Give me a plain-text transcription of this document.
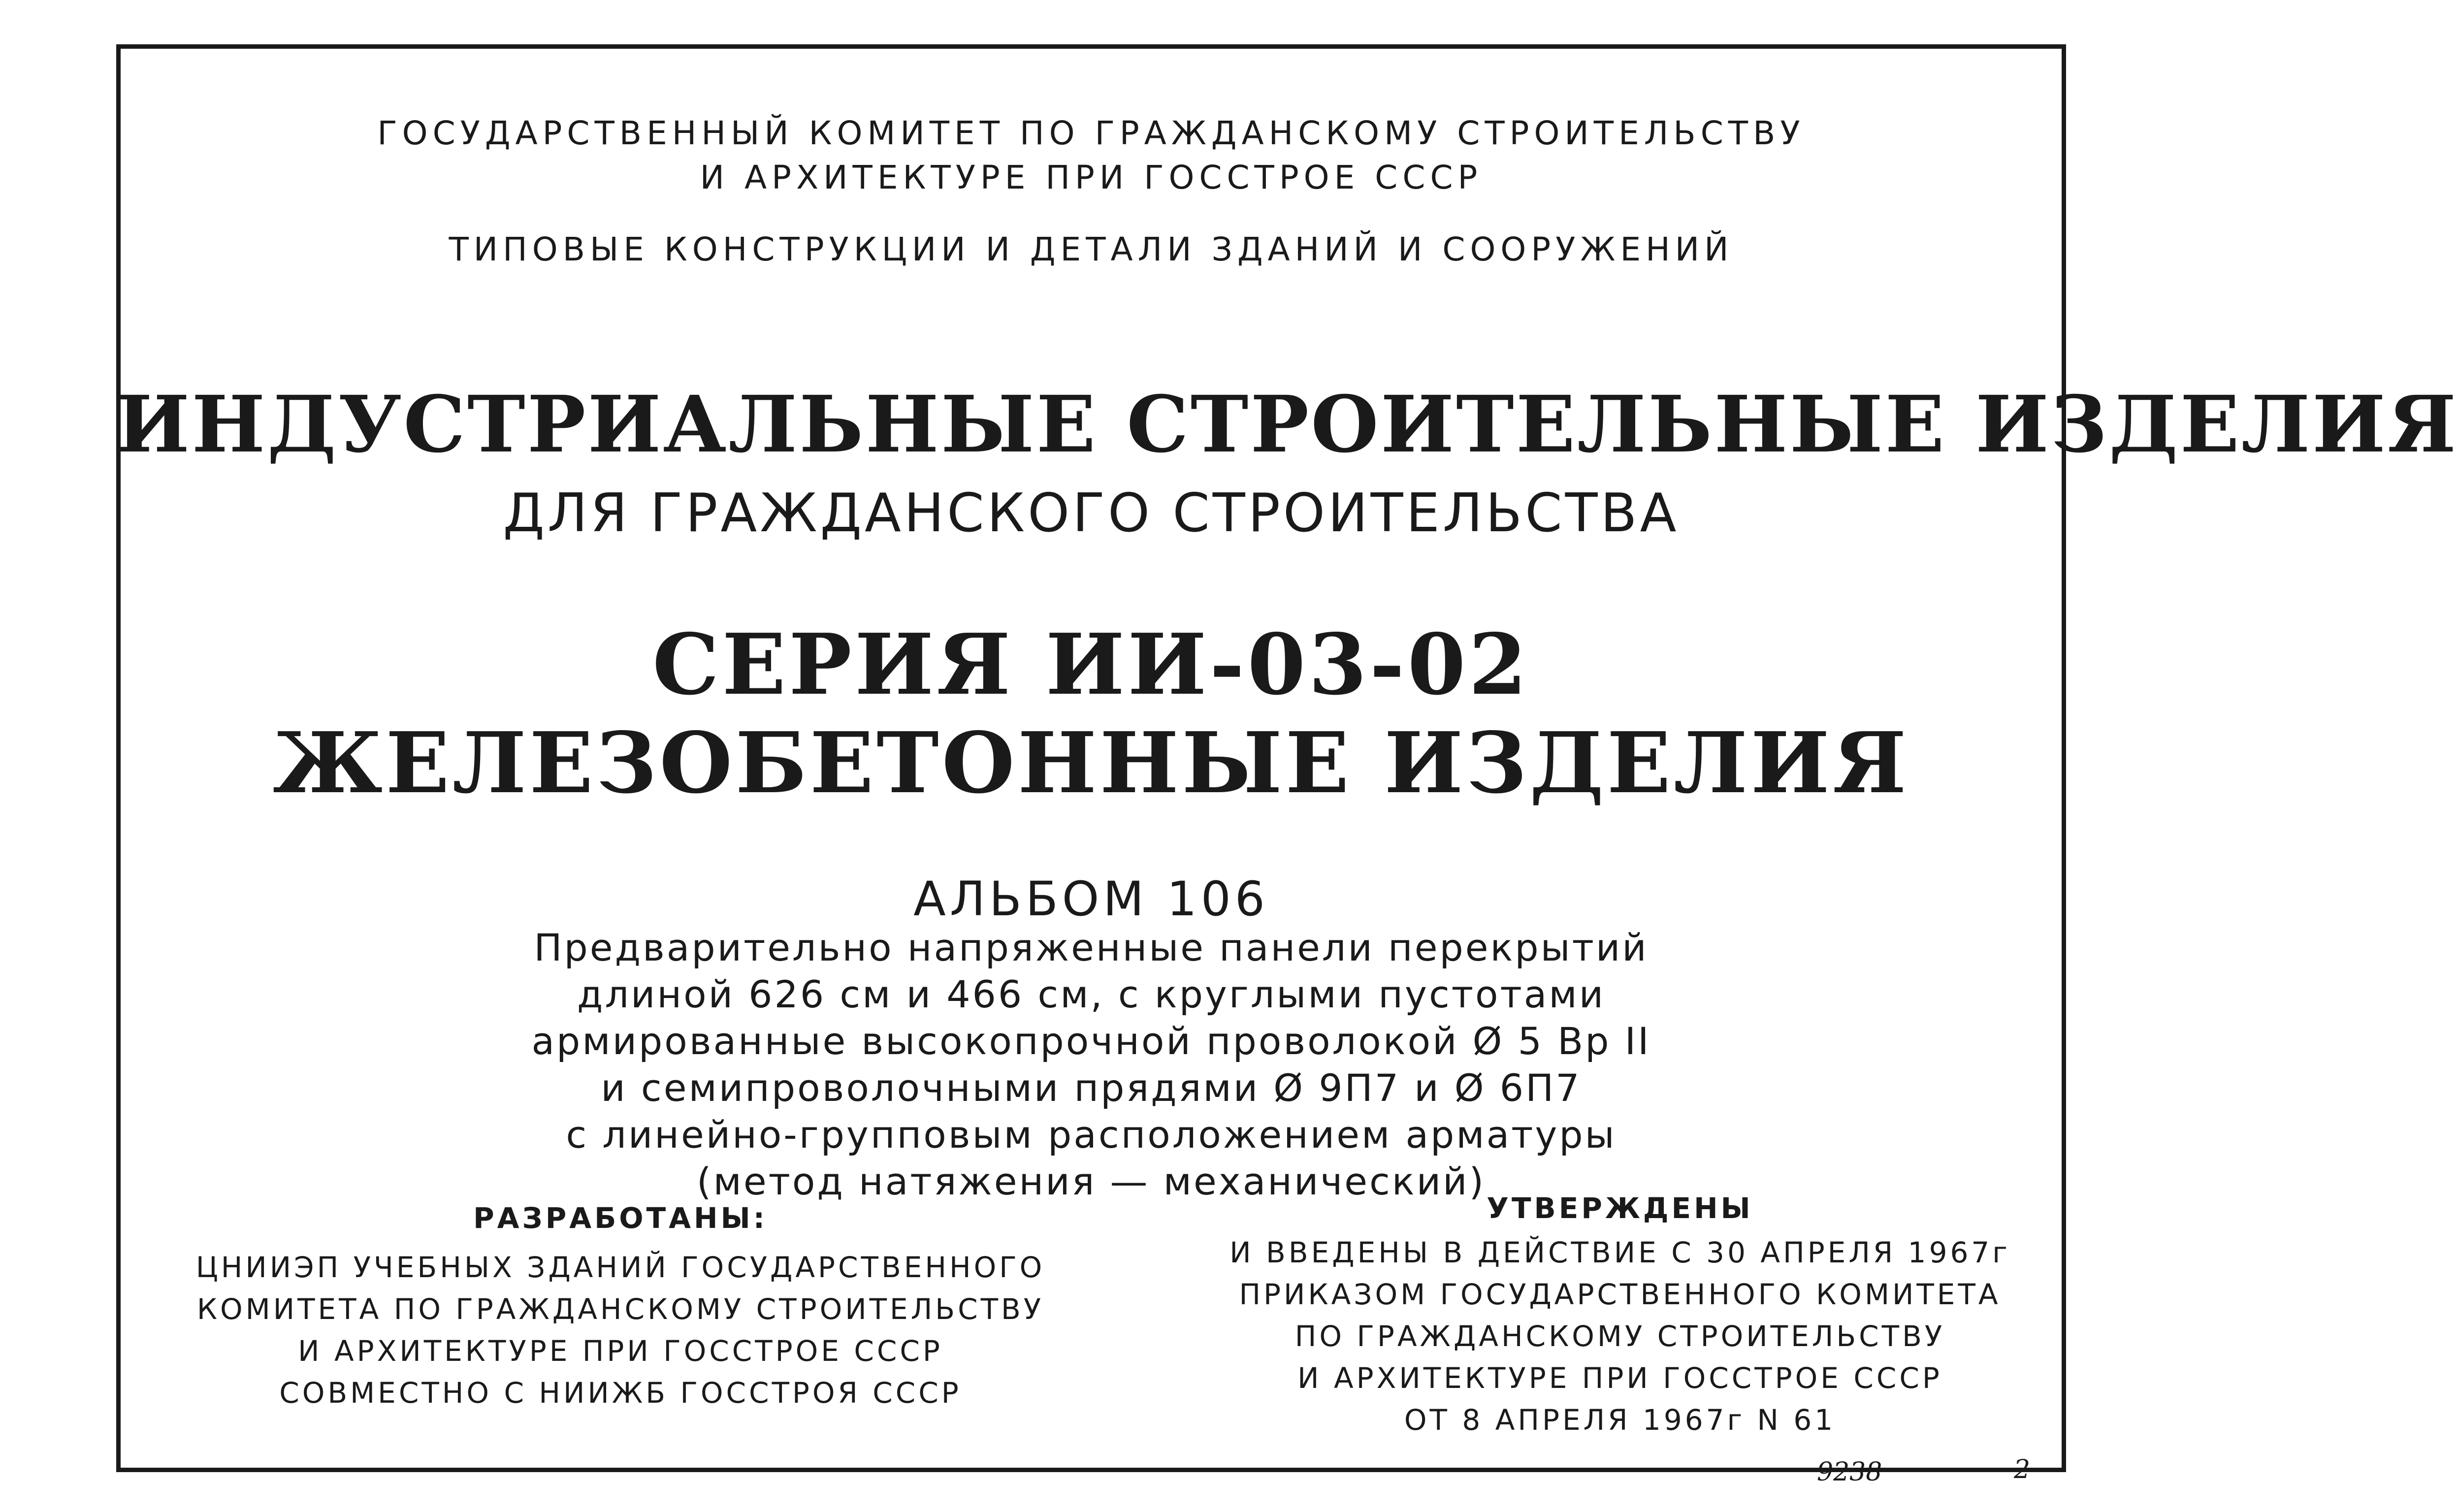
ГОСУДАРСТВЕННЫЙ КОМИТЕТ ПО ГРАЖДАНСКОМУ СТРОИТЕЛЬСТВУ
И АРХИТЕКТУРЕ ПРИ ГОССТРОЕ СССР
ТИПОВЫЕ КОНСТРУКЦИИ И ДЕТАЛИ ЗДАНИЙ И СООРУЖЕНИЙ
ИНДУСТРИАЛЬНЫЕ СТРОИТЕЛЬНЫЕ ИЗДЕЛИЯ
ДЛЯ ГРАЖДАНСКОГО СТРОИТЕЛЬСТВА
СЕРИЯ ИИ-03-02
ЖЕЛЕЗОБЕТОННЫЕ ИЗДЕЛИЯ
АЛЬБОМ 106
Предварительно напряженные панели перекрытий
длиной 626 см и 466 см, с круглыми пустотами
армированные высокопрочной проволокой Ø 5 Вр II
и семипроволочными прядями Ø 9П7 и Ø 6П7
с линейно-групповым расположением арматуры
(метод натяжения — механический)
РАЗРАБОТАНЫ:
ЦНИИЭП УЧЕБНЫХ ЗДАНИЙ ГОСУДАРСТВЕННОГО
КОМИТЕТА ПО ГРАЖДАНСКОМУ СТРОИТЕЛЬСТВУ
И АРХИТЕКТУРЕ ПРИ ГОССТРОЕ СССР
СОВМЕСТНО С НИИЖБ ГОССТРОЯ СССР
УТВЕРЖДЕНЫ
И ВВЕДЕНЫ В ДЕЙСТВИЕ С 30 АПРЕЛЯ 1967г
ПРИКАЗОМ ГОСУДАРСТВЕННОГО КОМИТЕТА
ПО ГРАЖДАНСКОМУ СТРОИТЕЛЬСТВУ
И АРХИТЕКТУРЕ ПРИ ГОССТРОЕ СССР
ОТ 8 АПРЕЛЯ 1967г N 61
9238	2
